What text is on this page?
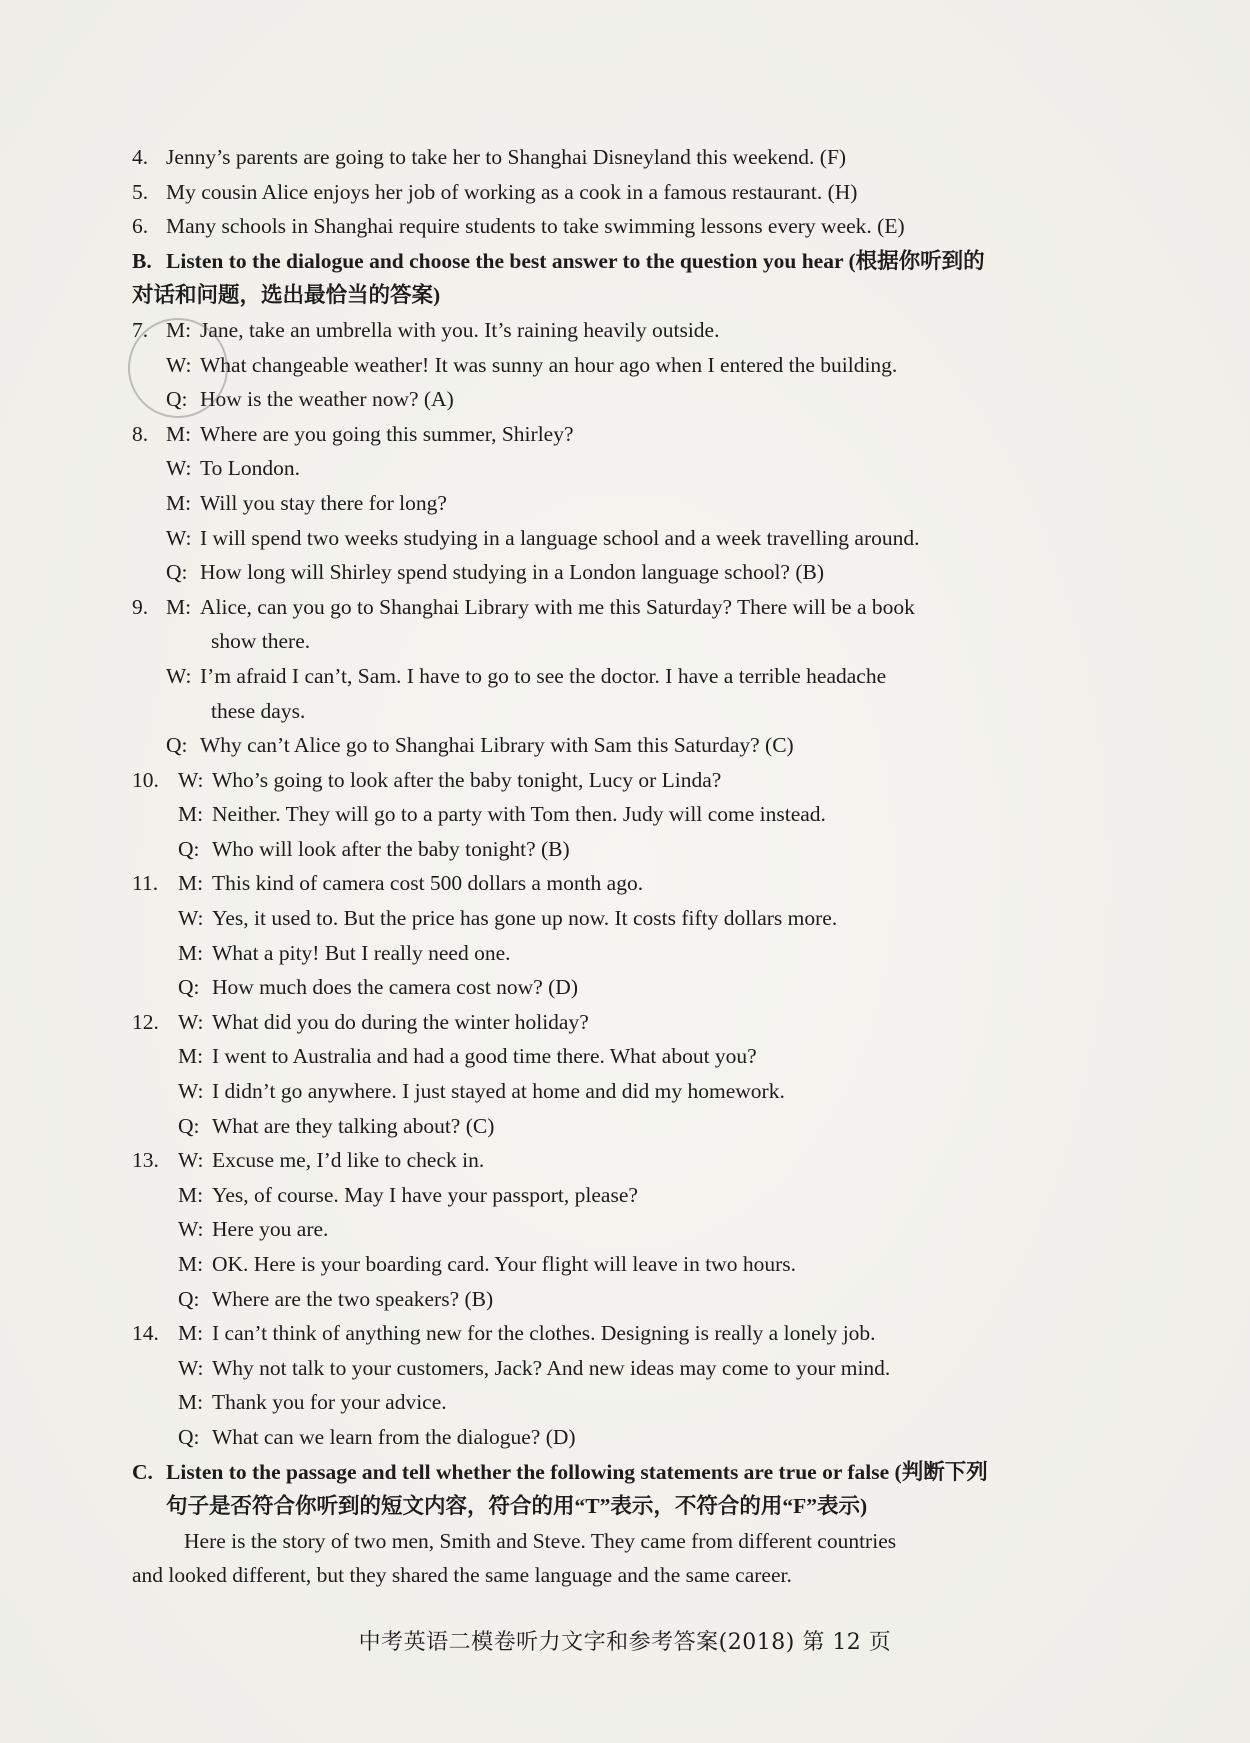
4. Jenny’s parents are going to take her to Shanghai Disneyland this weekend. (F)
5. My cousin Alice enjoys her job of working as a cook in a famous restaurant. (H)
6. Many schools in Shanghai require students to take swimming lessons every week. (E)
B. Listen to the dialogue and choose the best answer to the question you hear (根据你听到的
对话和问题，选出最恰当的答案)
7. M: Jane, take an umbrella with you. It’s raining heavily outside.
W: What changeable weather! It was sunny an hour ago when I entered the building.
Q: How is the weather now? (A)
8. M: Where are you going this summer, Shirley?
W: To London.
M: Will you stay there for long?
W: I will spend two weeks studying in a language school and a week travelling around.
Q: How long will Shirley spend studying in a London language school? (B)
9. M: Alice, can you go to Shanghai Library with me this Saturday? There will be a book
show there.
W: I’m afraid I can’t, Sam. I have to go to see the doctor. I have a terrible headache
these days.
Q: Why can’t Alice go to Shanghai Library with Sam this Saturday? (C)
10. W: Who’s going to look after the baby tonight, Lucy or Linda?
M: Neither. They will go to a party with Tom then. Judy will come instead.
Q: Who will look after the baby tonight? (B)
11. M: This kind of camera cost 500 dollars a month ago.
W: Yes, it used to. But the price has gone up now. It costs fifty dollars more.
M: What a pity! But I really need one.
Q: How much does the camera cost now? (D)
12. W: What did you do during the winter holiday?
M: I went to Australia and had a good time there. What about you?
W: I didn’t go anywhere. I just stayed at home and did my homework.
Q: What are they talking about? (C)
13. W: Excuse me, I’d like to check in.
M: Yes, of course. May I have your passport, please?
W: Here you are.
M: OK. Here is your boarding card. Your flight will leave in two hours.
Q: Where are the two speakers? (B)
14. M: I can’t think of anything new for the clothes. Designing is really a lonely job.
W: Why not talk to your customers, Jack? And new ideas may come to your mind.
M: Thank you for your advice.
Q: What can we learn from the dialogue? (D)
C. Listen to the passage and tell whether the following statements are true or false (判断下列
句子是否符合你听到的短文内容，符合的用“T”表示，不符合的用“F”表示)
Here is the story of two men, Smith and Steve. They came from different countries
and looked different, but they shared the same language and the same career.
中考英语二模卷听力文字和参考答案(2018) 第 12 页
